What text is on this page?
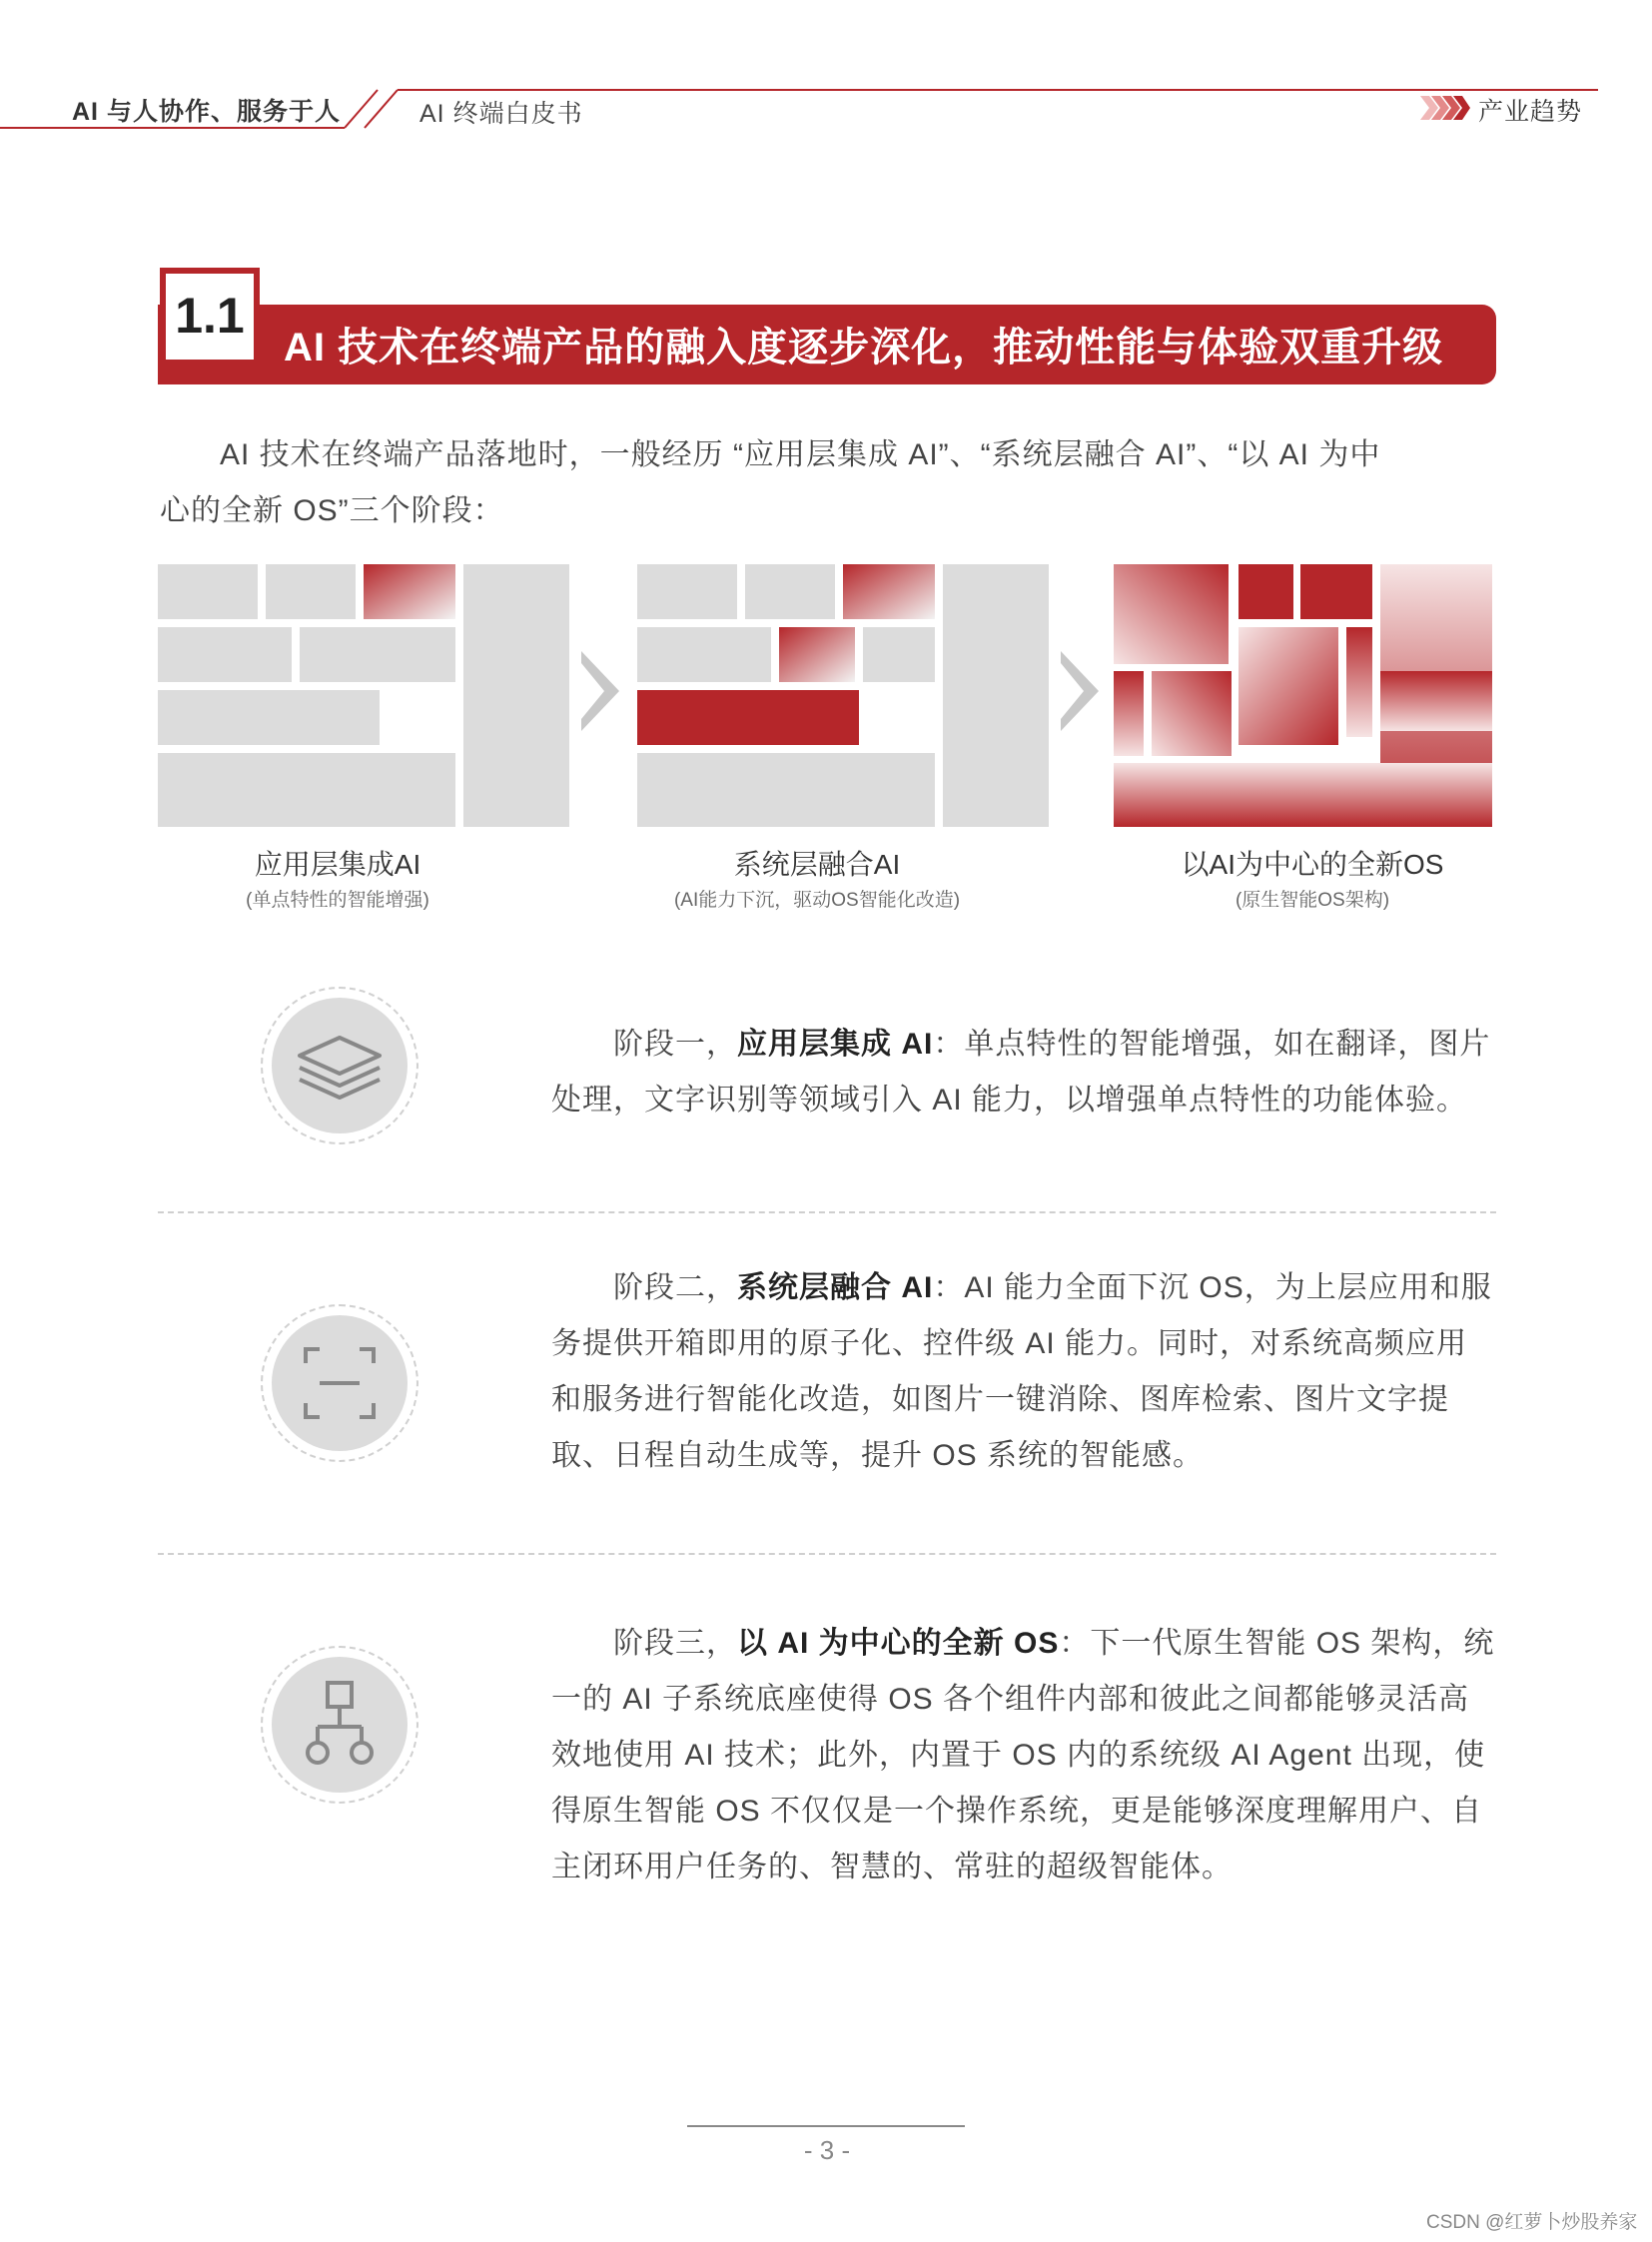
AI 与人协作、服务于人	AI 终端白皮书	产业趋势
1.1
AI 技术在终端产品的融入度逐步深化，推动性能与体验双重升级
AI 技术在终端产品落地时，一般经历 “应用层集成 AI”、“系统层融合 AI”、“以 AI 为中
心的全新 OS”三个阶段：
应用层集成AI
(单点特性的智能增强)
系统层融合AI
(AI能力下沉，驱动OS智能化改造)
以AI为中心的全新OS
(原生智能OS架构)
阶段一，应用层集成 AI：单点特性的智能增强，如在翻译，图片处理，文字识别等领域引入 AI 能力，以增强单点特性的功能体验。
阶段二，系统层融合 AI：AI 能力全面下沉 OS，为上层应用和服务提供开箱即用的原子化、控件级 AI 能力。同时，对系统高频应用和服务进行智能化改造，如图片一键消除、图库检索、图片文字提取、日程自动生成等，提升 OS 系统的智能感。
阶段三，以 AI 为中心的全新 OS：下一代原生智能 OS 架构，统一的 AI 子系统底座使得 OS 各个组件内部和彼此之间都能够灵活高效地使用 AI 技术；此外，内置于 OS 内的系统级 AI Agent 出现，使得原生智能 OS 不仅仅是一个操作系统，更是能够深度理解用户、自主闭环用户任务的、智慧的、常驻的超级智能体。
- 3 -
CSDN @红萝卜炒股养家
